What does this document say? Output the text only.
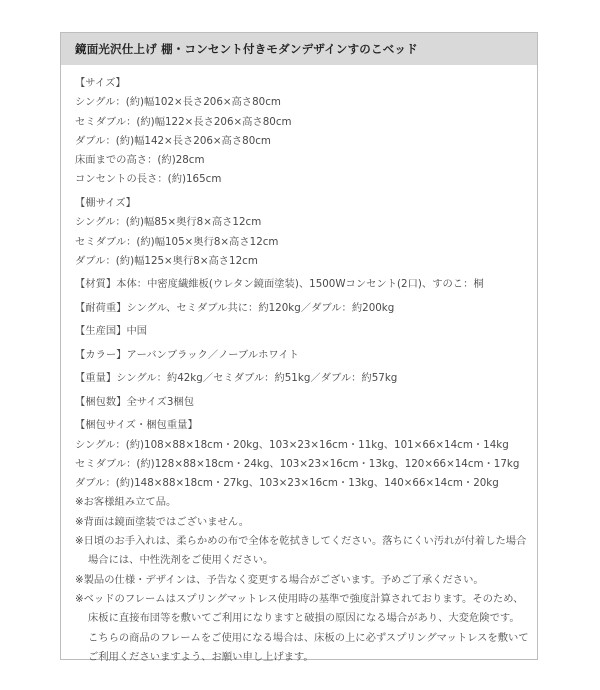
鏡面光沢仕上げ 棚・コンセント付きモダンデザインすのこベッド
【サイズ】
シングル：(約)幅102×長さ206×高さ80cm
セミダブル：(約)幅122×長さ206×高さ80cm
ダブル：(約)幅142×長さ206×高さ80cm
床面までの高さ：(約)28cm
コンセントの長さ：(約)165cm
【棚サイズ】
シングル：(約)幅85×奥行8×高さ12cm
セミダブル：(約)幅105×奥行8×高さ12cm
ダブル：(約)幅125×奥行8×高さ12cm
【材質】本体：中密度繊維板(ウレタン鏡面塗装)、1500Wコンセント(2口)、すのこ：桐
【耐荷重】シングル、セミダブル共に：約120kg／ダブル：約200kg
【生産国】中国
【カラー】アーバンブラック／ノーブルホワイト
【重量】シングル：約42kg／セミダブル：約51kg／ダブル：約57kg
【梱包数】全サイズ3梱包
【梱包サイズ・梱包重量】
シングル：(約)108×88×18cm・20kg、103×23×16cm・11kg、101×66×14cm・14kg
セミダブル：(約)128×88×18cm・24kg、103×23×16cm・13kg、120×66×14cm・17kg
ダブル：(約)148×88×18cm・27kg、103×23×16cm・13kg、140×66×14cm・20kg
※お客様組み立て品。
※背面は鏡面塗装ではございません。
※日頃のお手入れは、柔らかめの布で全体を乾拭きしてください。落ちにくい汚れが付着した場合
場合には、中性洗剤をご使用ください。
※製品の仕様・デザインは、予告なく変更する場合がございます。予めご了承ください。
※ベッドのフレームはスプリングマットレス使用時の基準で強度計算されております。そのため、
床板に直接布団等を敷いてご利用になりますと破損の原因になる場合があり、大変危険です。
こちらの商品のフレームをご使用になる場合は、床板の上に必ずスプリングマットレスを敷いて
ご利用くださいますよう、お願い申し上げます。
